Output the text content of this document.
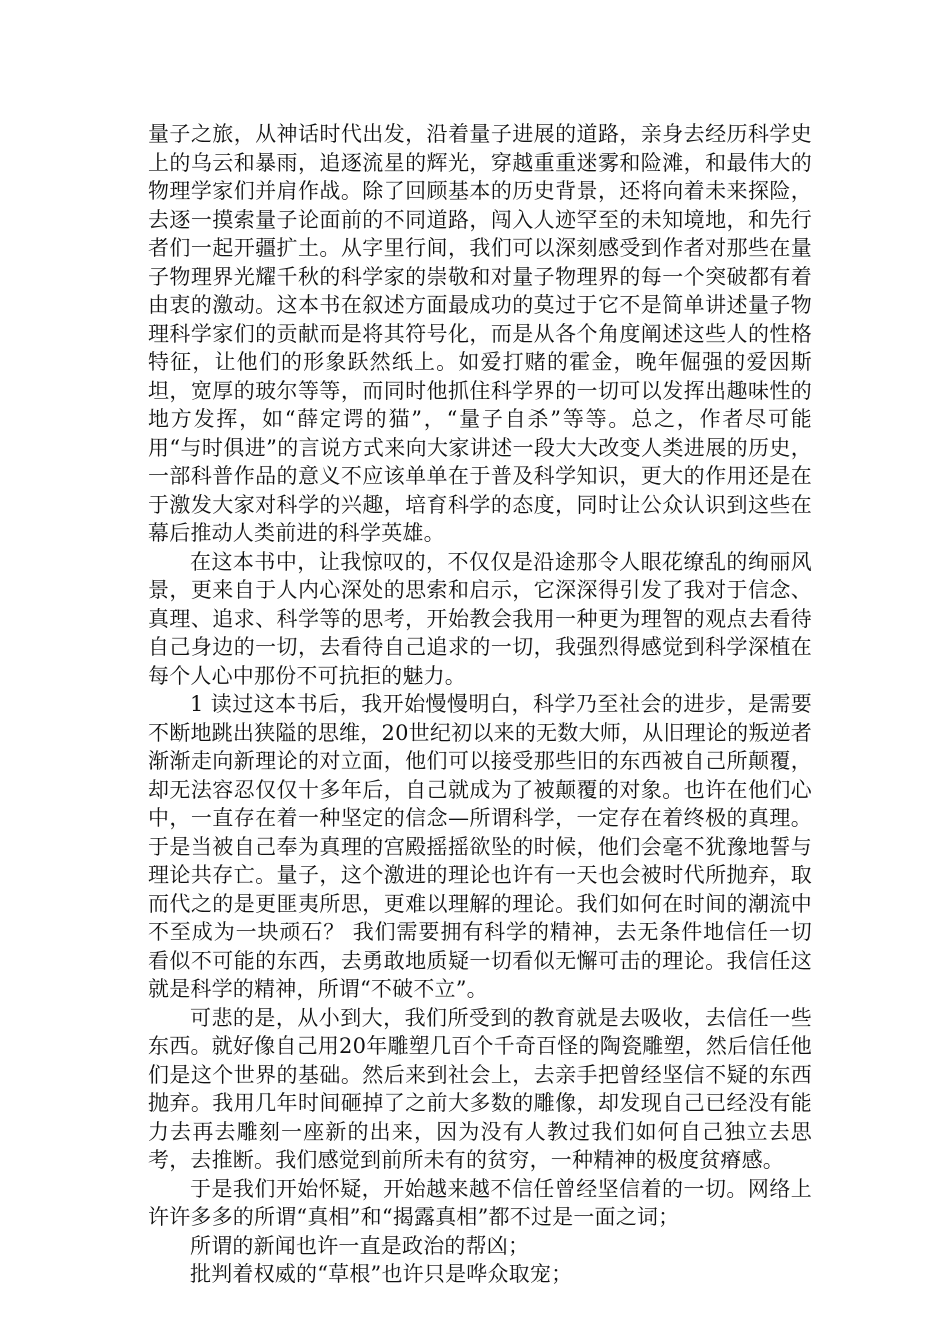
量子之旅，从神话时代出发，沿着量子进展的道路，亲身去经历科学史上的乌云和暴雨，追逐流星的辉光，穿越重重迷雾和险滩，和最伟大的物理学家们并肩作战。除了回顾基本的历史背景，还将向着未来探险，去逐一摸索量子论面前的不同道路，闯入人迹罕至的未知境地，和先行者们一起开疆扩土。从字里行间，我们可以深刻感受到作者对那些在量子物理界光耀千秋的科学家的崇敬和对量子物理界的每一个突破都有着由衷的激动。这本书在叙述方面最成功的莫过于它不是简单讲述量子物理科学家们的贡献而是将其符号化，而是从各个角度阐述这些人的性格特征，让他们的形象跃然纸上。如爱打赌的霍金，晚年倔强的爱因斯坦，宽厚的玻尔等等，而同时他抓住科学界的一切可以发挥出趣味性的地方发挥，如“薛定谔的猫”，“量子自杀”等等。总之，作者尽可能用“与时俱进”的言说方式来向大家讲述一段大大改变人类进展的历史，一部科普作品的意义不应该单单在于普及科学知识，更大的作用还是在于激发大家对科学的兴趣，培育科学的态度，同时让公众认识到这些在幕后推动人类前进的科学英雄。

在这本书中，让我惊叹的，不仅仅是沿途那令人眼花缭乱的绚丽风景，更来自于人内心深处的思索和启示，它深深得引发了我对于信念、真理、追求、科学等的思考，开始教会我用一种更为理智的观点去看待自己身边的一切，去看待自己追求的一切，我强烈得感觉到科学深植在每个人心中那份不可抗拒的魅力。

1 读过这本书后，我开始慢慢明白，科学乃至社会的进步，是需要不断地跳出狭隘的思维，20世纪初以来的无数大师，从旧理论的叛逆者渐渐走向新理论的对立面，他们可以接受那些旧的东西被自己所颠覆，却无法容忍仅仅十多年后，自己就成为了被颠覆的对象。也许在他们心中，一直存在着一种坚定的信念—所谓科学，一定存在着终极的真理。于是当被自己奉为真理的宫殿摇摇欲坠的时候，他们会毫不犹豫地誓与理论共存亡。量子，这个激进的理论也许有一天也会被时代所抛弃，取而代之的是更匪夷所思，更难以理解的理论。我们如何在时间的潮流中不至成为一块顽石？ 我们需要拥有科学的精神，去无条件地信任一切看似不可能的东西，去勇敢地质疑一切看似无懈可击的理论。我信任这就是科学的精神，所谓“不破不立”。

可悲的是，从小到大，我们所受到的教育就是去吸收，去信任一些东西。就好像自己用20年雕塑几百个千奇百怪的陶瓷雕塑，然后信任他们是这个世界的基础。然后来到社会上，去亲手把曾经坚信不疑的东西抛弃。我用几年时间砸掉了之前大多数的雕像，却发现自己已经没有能力去再去雕刻一座新的出来，因为没有人教过我们如何自己独立去思考，去推断。我们感觉到前所未有的贫穷，一种精神的极度贫瘠感。

于是我们开始怀疑，开始越来越不信任曾经坚信着的一切。网络上许许多多的所谓“真相”和“揭露真相”都不过是一面之词；

所谓的新闻也许一直是政治的帮凶；

批判着权威的“草根”也许只是哗众取宠；
